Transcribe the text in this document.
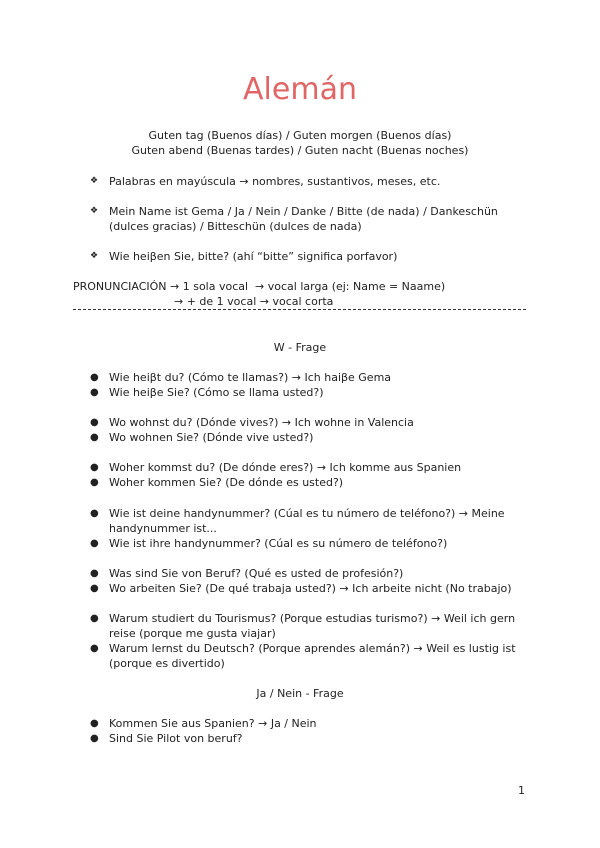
Alemán
Guten tag (Buenos días) / Guten morgen (Buenos días)
Guten abend (Buenas tardes) / Guten nacht (Buenas noches)
❖ Palabras en mayúscula → nombres, sustantivos, meses, etc.
❖ Mein Name ist Gema / Ja / Nein / Danke / Bitte (de nada) / Dankeschün
(dulces gracias) / Bitteschün (dulces de nada)
❖ Wie heiβen Sie, bitte? (ahí “bitte” significa porfavor)
PRONUNCIACIÓN → 1 sola vocal  → vocal larga (ej: Name = Naame)
→ + de 1 vocal → vocal corta
W - Frage
● Wie heiβt du? (Cómo te llamas?) → Ich haiβe Gema
● Wie heiβe Sie? (Cómo se llama usted?)
● Wo wohnst du? (Dónde vives?) → Ich wohne in Valencia
● Wo wohnen Sie? (Dónde vive usted?)
● Woher kommst du? (De dónde eres?) → Ich komme aus Spanien
● Woher kommen Sie? (De dónde es usted?)
● Wie ist deine handynummer? (Cúal es tu número de teléfono?) → Meine
handynummer ist...
● Wie ist ihre handynummer? (Cúal es su número de teléfono?)
● Was sind Sie von Beruf? (Qué es usted de profesión?)
● Wo arbeiten Sie? (De qué trabaja usted?) → Ich arbeite nicht (No trabajo)
● Warum studiert du Tourismus? (Porque estudias turismo?) → Weil ich gern
reise (porque me gusta viajar)
● Warum lernst du Deutsch? (Porque aprendes alemán?) → Weil es lustig ist
(porque es divertido)
Ja / Nein - Frage
● Kommen Sie aus Spanien? → Ja / Nein
● Sind Sie Pilot von beruf?
1
